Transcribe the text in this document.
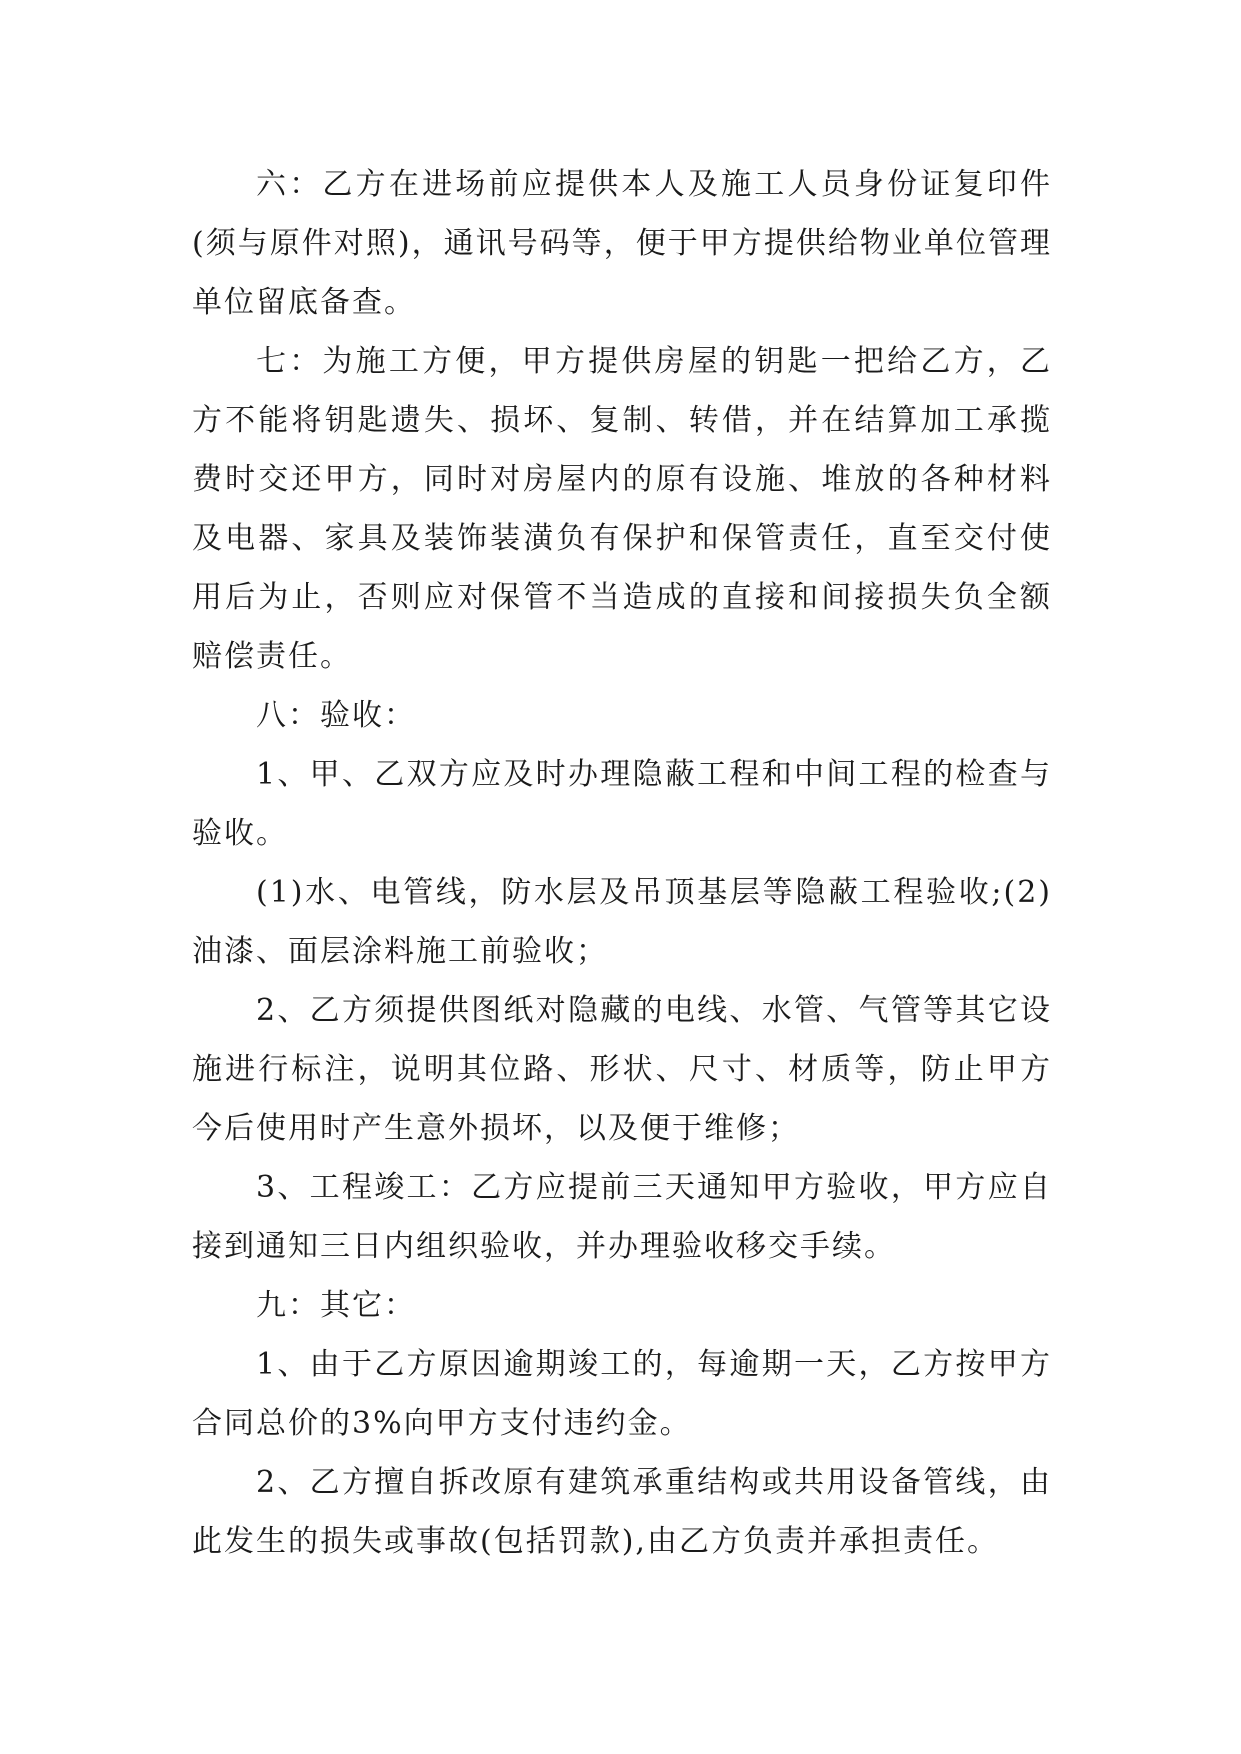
六：乙方在进场前应提供本人及施工人员身份证复印件(须与原件对照)，通讯号码等，便于甲方提供给物业单位管理单位留底备查。

七：为施工方便，甲方提供房屋的钥匙一把给乙方，乙方不能将钥匙遗失、损坏、复制、转借，并在结算加工承揽费时交还甲方，同时对房屋内的原有设施、堆放的各种材料及电器、家具及装饰装潢负有保护和保管责任，直至交付使用后为止，否则应对保管不当造成的直接和间接损失负全额赔偿责任。

八：验收：

1、甲、乙双方应及时办理隐蔽工程和中间工程的检查与验收。

(1)水、电管线，防水层及吊顶基层等隐蔽工程验收;(2)油漆、面层涂料施工前验收；

2、乙方须提供图纸对隐藏的电线、水管、气管等其它设施进行标注，说明其位路、形状、尺寸、材质等，防止甲方今后使用时产生意外损坏，以及便于维修；

3、工程竣工：乙方应提前三天通知甲方验收，甲方应自接到通知三日内组织验收，并办理验收移交手续。

九：其它：

1、由于乙方原因逾期竣工的，每逾期一天，乙方按甲方合同总价的3%向甲方支付违约金。

2、乙方擅自拆改原有建筑承重结构或共用设备管线，由此发生的损失或事故(包括罚款),由乙方负责并承担责任。
